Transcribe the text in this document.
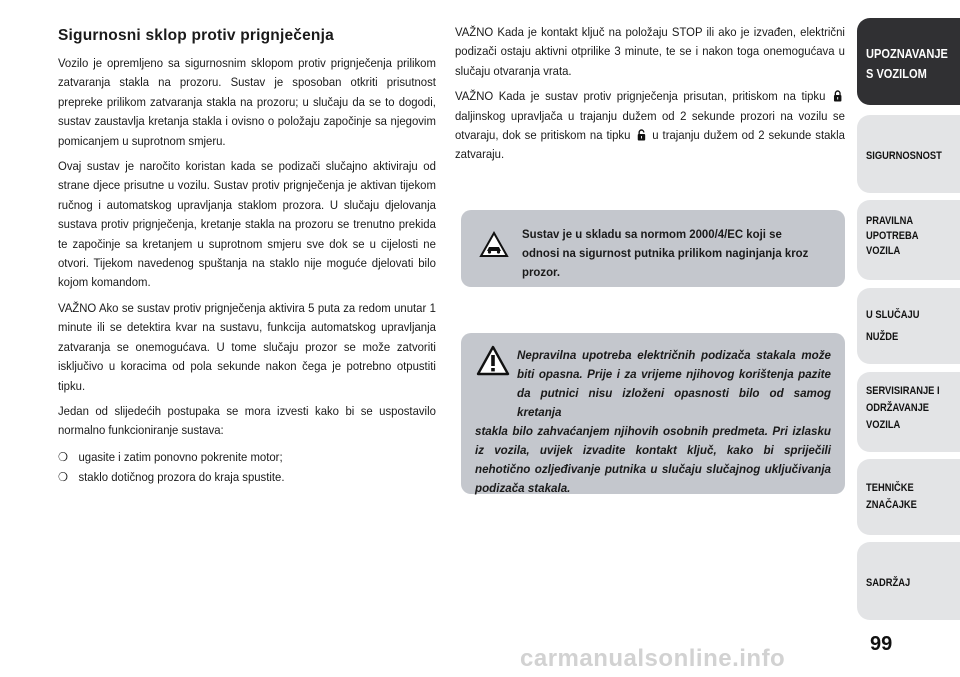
Sigurnosni sklop protiv prignječenja

Vozilo je opremljeno sa sigurnosnim sklopom protiv prignječenja prilikom zatvaranja stakla na prozoru. Sustav je sposoban otkriti prisutnost prepreke prilikom zatvaranja stakla na prozoru; u slučaju da se to dogodi, sustav zaustavlja kretanja stakla i ovisno o položaju započinje sa njegovim pomicanjem u suprotnom smjeru.

Ovaj sustav je naročito koristan kada se podizači slučajno aktiviraju od strane djece prisutne u vozilu. Sustav protiv prignječenja je aktivan tijekom ručnog i automatskog upravljanja staklom prozora. U slučaju djelovanja sustava protiv prignječenja, kretanje stakla na prozoru se trenutno prekida te započinje sa kretanjem u suprotnom smjeru sve dok se u cijelosti ne otvori. Tijekom navedenog spuštanja na staklo nije moguće djelovati bilo kojom komandom.

VAŽNO Ako se sustav protiv prignječenja aktivira 5 puta za redom unutar 1 minute ili se detektira kvar na sustavu, funkcija automatskog upravljanja zatvaranja se onemogućava. U tome slučaju prozor se može zatvoriti isključivo u koracima od pola sekunde nakon čega je potrebno otpustiti tipku.

Jedan od slijedećih postupaka se mora izvesti kako bi se uspostavilo normalno funkcioniranje sustava:

❍ ugasite i zatim ponovno pokrenite motor;
❍ staklo dotičnog prozora do kraja spustite.

VAŽNO Kada je kontakt ključ na položaju STOP ili ako je izvađen, električni podizači ostaju aktivni otprilike 3 minute, te se i nakon toga onemogućava u slučaju otvaranja vrata.

VAŽNO Kada je sustav protiv prignječenja prisutan, pritiskom na tipku  daljinskog upravljača u trajanju dužem od 2 sekunde prozori na vozilu se otvaraju, dok se pritiskom na tipku u trajanju dužem od 2 sekunde stakla zatvaraju.

Sustav je u skladu sa normom 2000/4/EC koji se odnosi na sigurnost putnika prilikom naginjanja kroz prozor.
Nepravilna upotreba električnih podizača stakala može biti opasna. Prije i za vrijeme njihovog korištenja pazite da putnici nisu izloženi opasnosti bilo od samog kretanja
stakla bilo zahvaćanjem njihovih osobnih predmeta. Pri izlasku iz vozila, uvijek izvadite kontakt ključ, kako bi spriječili nehotično ozljeđivanje putnika u slučaju slučajnog uključivanja podizača stakala.
UPOZNAVANJE
S VOZILOM
SIGURNOSNOST
PRAVILNA
UPOTREBA
VOZILA
U SLUČAJU
NUŽDE
SERVISIRANJE I
ODRŽAVANJE
VOZILA
TEHNIČKE
ZNAČAJKE
SADRŽAJ
99
carmanualsonline.info
